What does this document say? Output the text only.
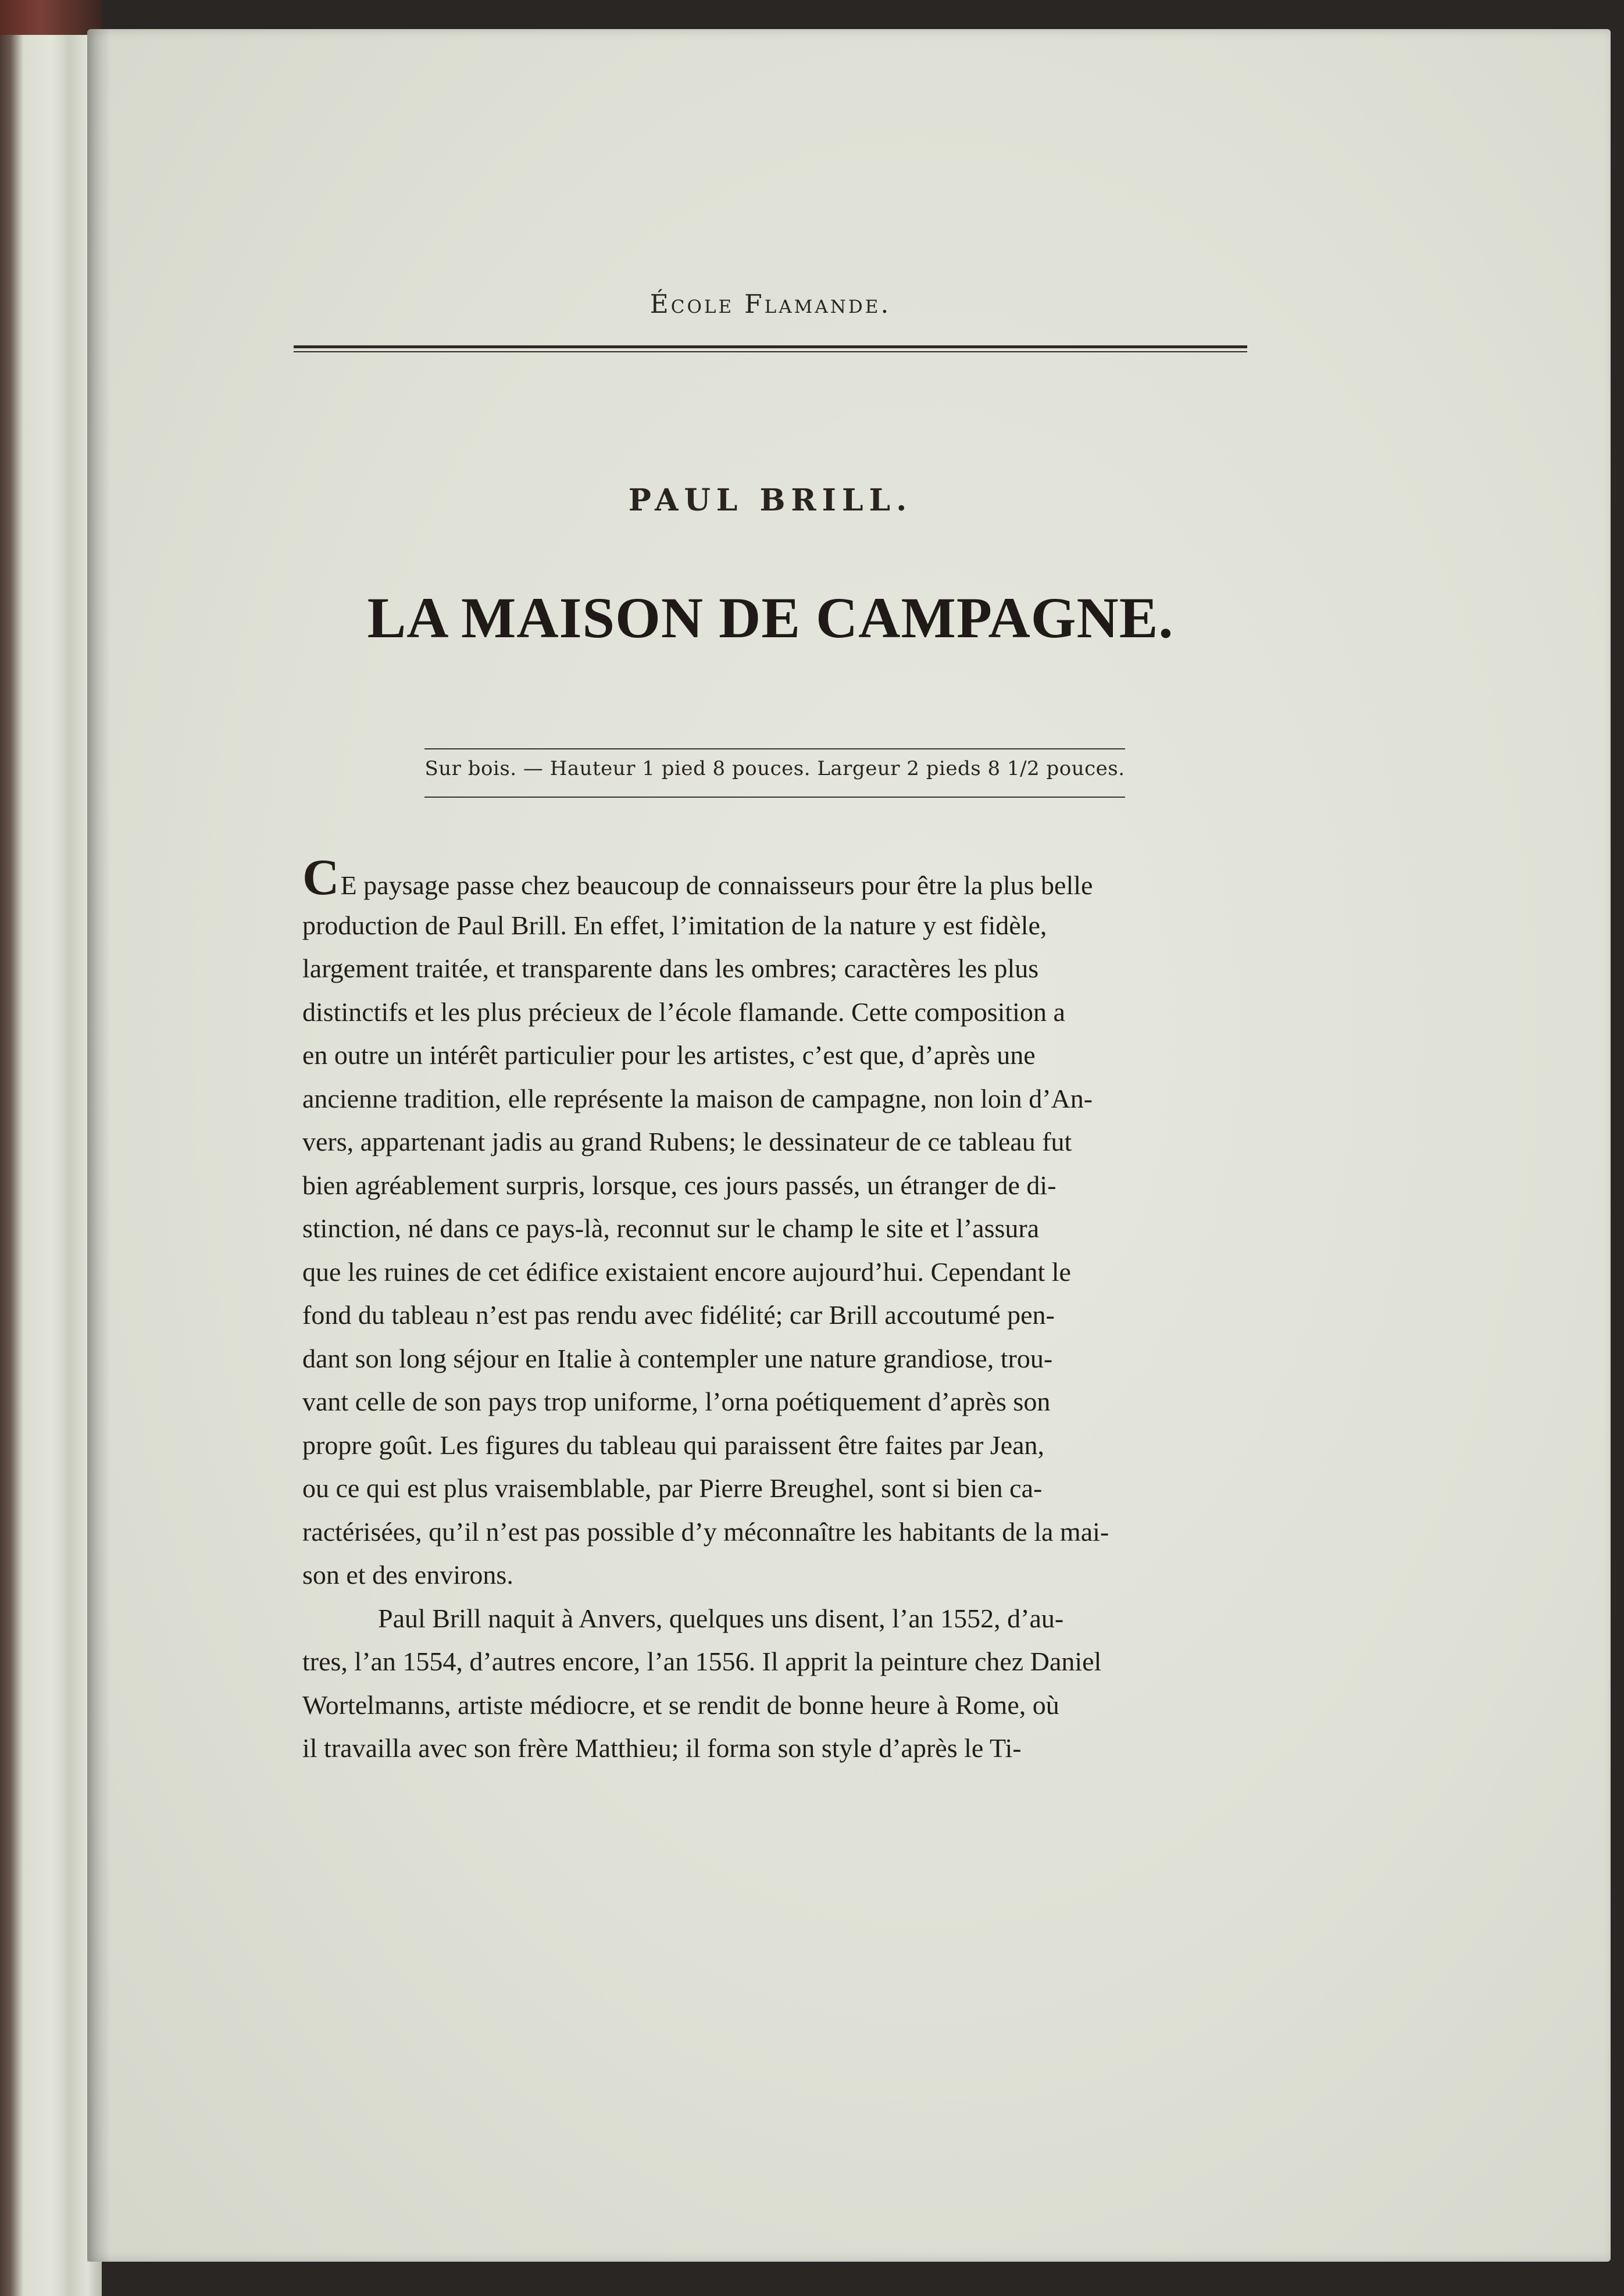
École Flamande.
PAUL BRILL.
LA MAISON DE CAMPAGNE.
Sur bois. — Hauteur 1 pied 8 pouces. Largeur 2 pieds 8 1/2 pouces.
CE paysage passe chez beaucoup de connaisseurs pour être la plus belle
production de Paul Brill. En effet, l’imitation de la nature y est fidèle,
largement traitée, et transparente dans les ombres; caractères les plus
distinctifs et les plus précieux de l’école flamande. Cette composition a
en outre un intérêt particulier pour les artistes, c’est que, d’après une
ancienne tradition, elle représente la maison de campagne, non loin d’An-
vers, appartenant jadis au grand Rubens; le dessinateur de ce tableau fut
bien agréablement surpris, lorsque, ces jours passés, un étranger de di-
stinction, né dans ce pays-là, reconnut sur le champ le site et l’assura
que les ruines de cet édifice existaient encore aujourd’hui. Cependant le
fond du tableau n’est pas rendu avec fidélité; car Brill accoutumé pen-
dant son long séjour en Italie à contempler une nature grandiose, trou-
vant celle de son pays trop uniforme, l’orna poétiquement d’après son
propre goût. Les figures du tableau qui paraissent être faites par Jean,
ou ce qui est plus vraisemblable, par Pierre Breughel, sont si bien ca-
ractérisées, qu’il n’est pas possible d’y méconnaître les habitants de la mai-
son et des environs.
Paul Brill naquit à Anvers, quelques uns disent, l’an 1552, d’au-
tres, l’an 1554, d’autres encore, l’an 1556. Il apprit la peinture chez Daniel
Wortelmanns, artiste médiocre, et se rendit de bonne heure à Rome, où
il travailla avec son frère Matthieu; il forma son style d’après le Ti-
